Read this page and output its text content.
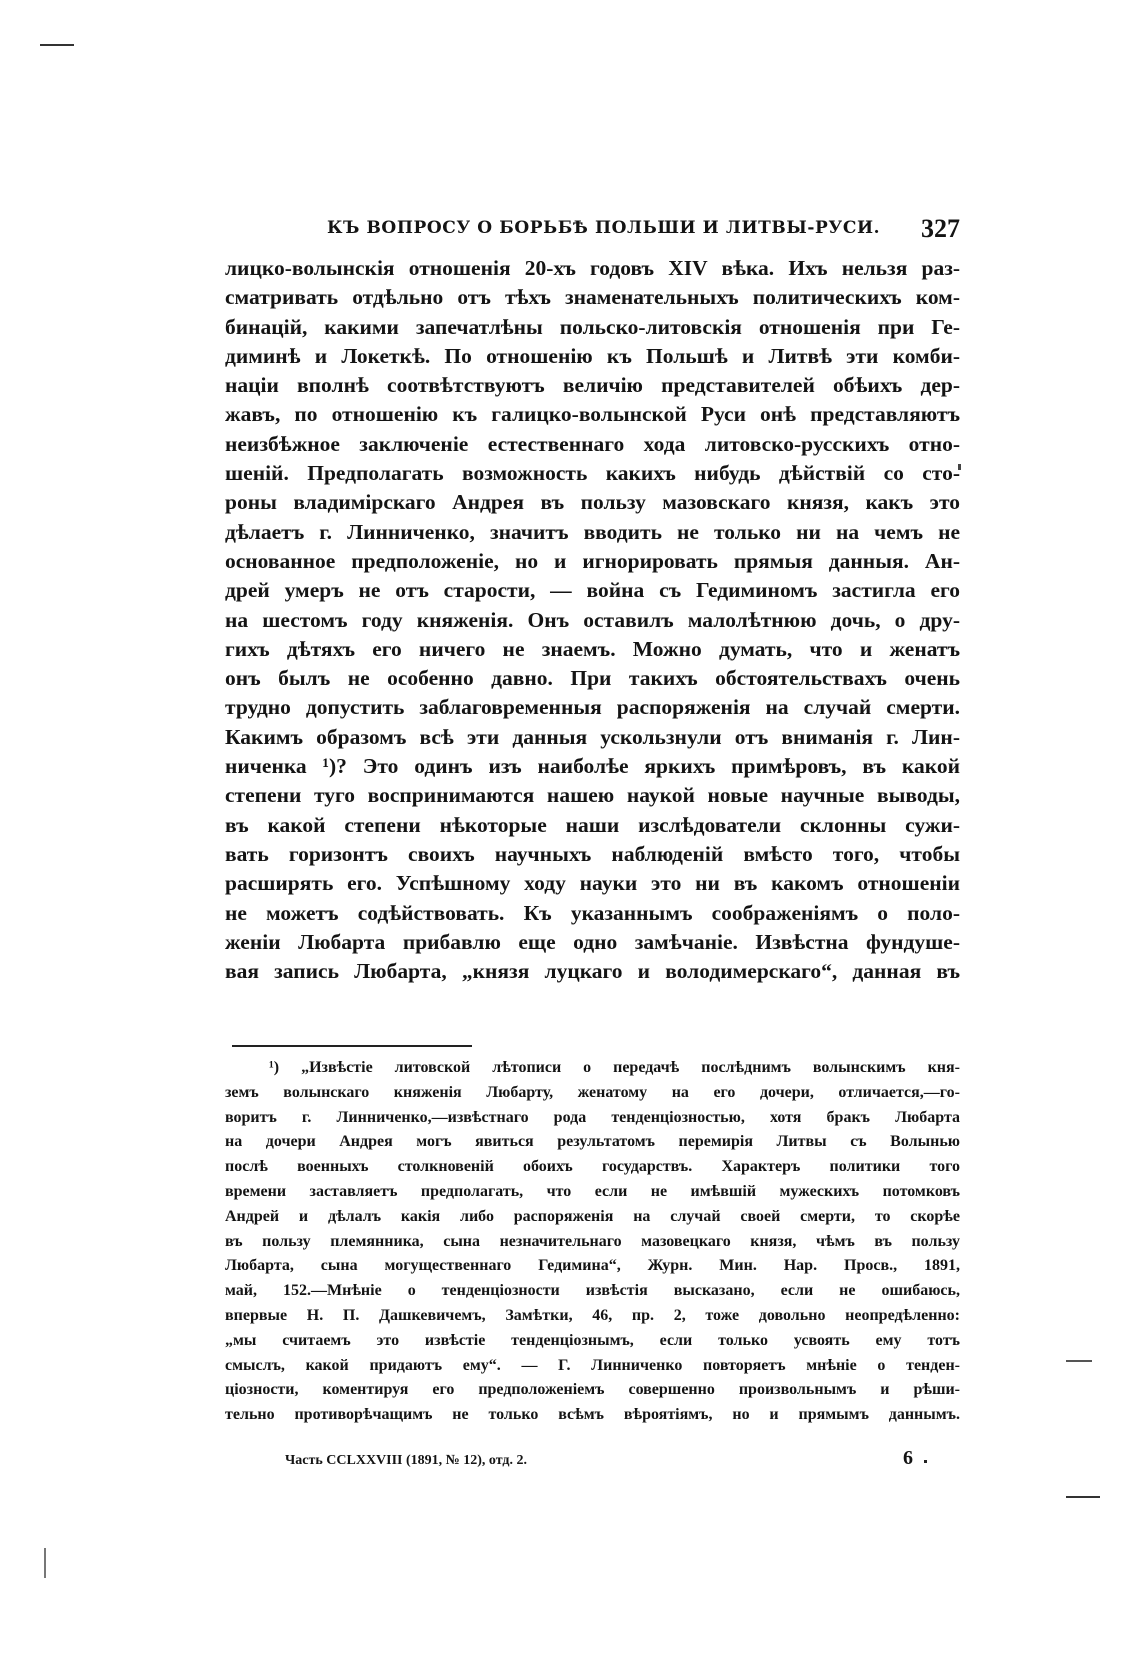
КЪ ВОПРОСУ О БОРЬБѢ ПОЛЬШИ И ЛИТВЫ-РУСИ. 327
лицко-волынскія отношенія 20-хъ годовъ XIV вѣка. Ихъ нельзя раз-
сматривать отдѣльно отъ тѣхъ знаменательныхъ политическихъ ком-
бинацій, какими запечатлѣны польско-литовскія отношенія при Ге-
диминѣ и Локеткѣ. По отношенію къ Польшѣ и Литвѣ эти комби-
націи вполнѣ соотвѣтствуютъ величію представителей обѣихъ дер-
жавъ, по отношенію къ галицко-волынской Руси онѣ представляютъ
неизбѣжное заключеніе естественнаго хода литовско-русскихъ отно-
шеній. Предполагать возможность какихъ нибудь дѣйствій со сто-
роны владимірскаго Андрея въ пользу мазовскаго князя, какъ это
дѣлаетъ г. Линниченко, значитъ вводить не только ни на чемъ не
основанное предположеніе, но и игнорировать прямыя данныя. Ан-
дрей умеръ не отъ старости, — война съ Гедиминомъ застигла его
на шестомъ году княженія. Онъ оставилъ малолѣтнюю дочь, о дру-
гихъ дѣтяхъ его ничего не знаемъ. Можно думать, что и женатъ
онъ былъ не особенно давно. При такихъ обстоятельствахъ очень
трудно допустить заблаговременныя распоряженія на случай смерти.
Какимъ образомъ всѣ эти данныя ускользнули отъ вниманія г. Лин-
ниченка ¹)? Это одинъ изъ наиболѣе яркихъ примѣровъ, въ какой
степени туго воспринимаются нашею наукой новые научные выводы,
въ какой степени нѣкоторые наши изслѣдователи склонны сужи-
вать горизонтъ своихъ научныхъ наблюденій вмѣсто того, чтобы
расширять его. Успѣшному ходу науки это ни въ какомъ отношеніи
не можетъ содѣйствовать. Къ указаннымъ соображеніямъ о поло-
женіи Любарта прибавлю еще одно замѣчаніе. Извѣстна фундуше-
вая запись Любарта, „князя луцкаго и володимерскаго“, данная въ
¹) „Извѣстіе литовской лѣтописи о передачѣ послѣднимъ волынскимъ кня-
земъ волынскаго княженія Любарту, женатому на его дочери, отличается,—го-
воритъ г. Линниченко,—извѣстнаго рода тенденціозностью, хотя бракъ Любарта
на дочери Андрея могъ явиться результатомъ перемирія Литвы съ Волынью
послѣ военныхъ столкновеній обоихъ государствъ. Характеръ политики того
времени заставляетъ предполагать, что если не имѣвшій мужескихъ потомковъ
Андрей и дѣлалъ какія либо распоряженія на случай своей смерти, то скорѣе
въ пользу племянника, сына незначительнаго мазовецкаго князя, чѣмъ въ пользу
Любарта, сына могущественнаго Гедимина“, Журн. Мин. Нар. Просв., 1891,
май, 152.—Мнѣніе о тенденціозности извѣстія высказано, если не ошибаюсь,
впервые Н. П. Дашкевичемъ, Замѣтки, 46, пр. 2, тоже довольно неопредѣленно:
„мы считаемъ это извѣстіе тенденціознымъ, если только усвоять ему тотъ
смыслъ, какой придаютъ ему“. — Г. Линниченко повторяетъ мнѣніе о тенден-
ціозности, коментируя его предположеніемъ совершенно произвольнымъ и рѣши-
тельно противорѣчащимъ не только всѣмъ вѣроятіямъ, но и прямымъ даннымъ.
Часть CCLXXVIII (1891, № 12), отд. 2.	6
